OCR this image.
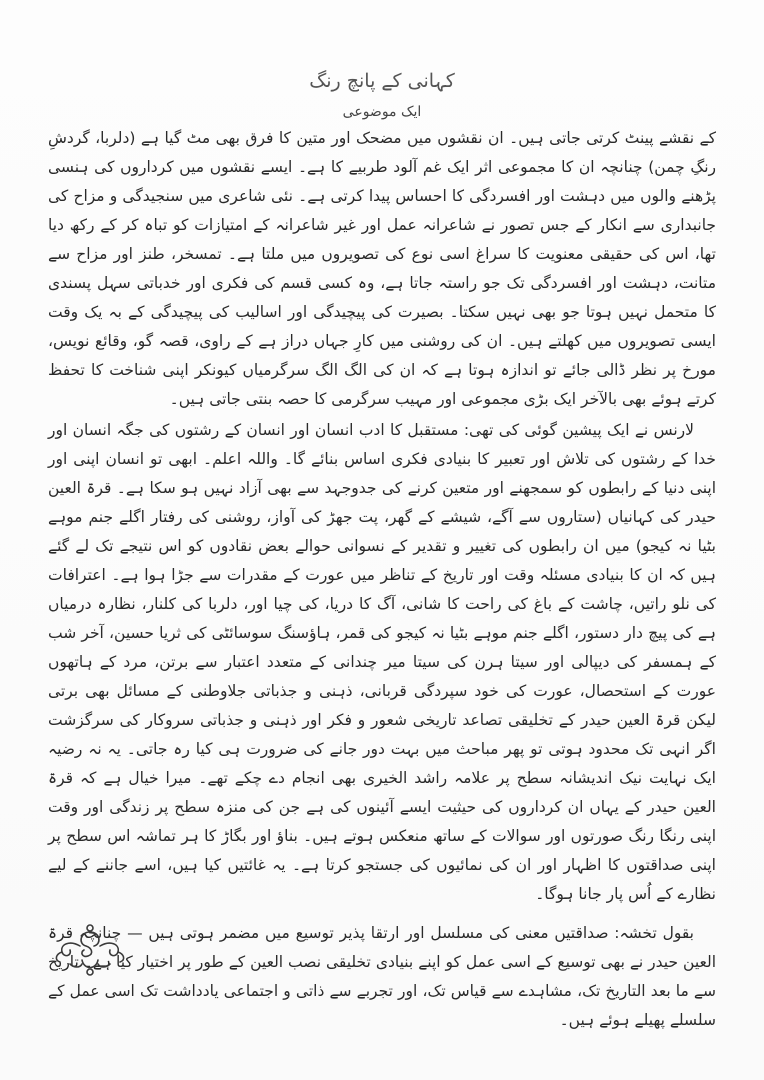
کہانی کے پانچ رنگ
ایک موضوعی

کے نقشے پینٹ کرتی جاتی ہیں۔ ان نقشوں میں مضحک اور متین کا فرق بھی مٹ گیا ہے (دلربا، گردشِ رنگِ چمن) چنانچہ ان کا مجموعی اثر ایک غم آلود طربیے کا ہے۔ ایسے نقشوں میں کرداروں کی ہنسی پڑھنے والوں میں دہشت اور افسردگی کا احساس پیدا کرتی ہے۔ نئی شاعری میں سنجیدگی و مزاح کی جانبداری سے انکار کے جس تصور نے شاعرانہ عمل اور غیر شاعرانہ کے امتیازات کو تباہ کر کے رکھ دیا تھا، اس کی حقیقی معنویت کا سراغ اسی نوع کی تصویروں میں ملتا ہے۔ تمسخر، طنز اور مزاح سے متانت، دہشت اور افسردگی تک جو راستہ جاتا ہے، وہ کسی قسم کی فکری اور خدباتی سہل پسندی کا متحمل نہیں ہوتا جو بھی نہیں سکتا۔ بصیرت کی پیچیدگی اور اسالیب کی پیچیدگی کے بہ یک وقت ایسی تصویروں میں کھلتے ہیں۔ ان کی روشنی میں کارِ جہاں دراز ہے کے راوی، قصہ گو، وقائع نویس، مورخ پر نظر ڈالی جائے تو اندازہ ہوتا ہے کہ ان کی الگ الگ سرگرمیاں کیونکر اپنی شناخت کا تحفظ کرتے ہوئے بھی بالآخر ایک بڑی مجموعی اور مہیب سرگرمی کا حصہ بنتی جاتی ہیں۔

لارنس نے ایک پیشین گوئی کی تھی: مستقبل کا ادب انسان اور انسان کے رشتوں کی جگہ انسان اور خدا کے رشتوں کی تلاش اور تعبیر کا بنیادی فکری اساس بنائے گا۔ واللہ اعلم۔ ابھی تو انسان اپنی اور اپنی دنیا کے رابطوں کو سمجھنے اور متعین کرنے کی جدوجہد سے بھی آزاد نہیں ہو سکا ہے۔ قرۃ العین حیدر کی کہانیاں (ستاروں سے آگے، شیشے کے گھر، پت جھڑ کی آواز، روشنی کی رفتار اگلے جنم موہے بٹیا نہ کیجو) میں ان رابطوں کی تغییر و تقدیر کے نسوانی حوالے بعض نقادوں کو اس نتیجے تک لے گئے ہیں کہ ان کا بنیادی مسئلہ وقت اور تاریخ کے تناظر میں عورت کے مقدرات سے جڑا ہوا ہے۔ اعترافات کی نلو راتیں، چاشت کے باغ کی راحت کا شانی، آگ کا دریا، کی چیا اور، دلربا کی کلنار، نظارہ درمیاں ہے کی پیچ دار دستور، اگلے جنم موہے بٹیا نہ کیجو کی قمر، ہاؤسنگ سوسائٹی کی ثریا حسین، آخر شب کے ہمسفر کی دیپالی اور سیتا ہرن کی سیتا میر چندانی کے متعدد اعتبار سے برتن، مرد کے ہاتھوں عورت کے استحصال، عورت کی خود سپردگی قربانی، ذہنی و جذباتی جلاوطنی کے مسائل بھی برتی لیکن قرۃ العین حیدر کے تخلیقی تصاعد تاریخی شعور و فکر اور ذہنی و جذباتی سروکار کی سرگزشت اگر انہی تک محدود ہوتی تو پھر مباحث میں بہت دور جانے کی ضرورت ہی کیا رہ جاتی۔ یہ نہ رضیہ ایک نہایت نیک اندیشانہ سطح پر علامہ راشد الخیری بھی انجام دے چکے تھے۔ میرا خیال ہے کہ قرۃ العین حیدر کے یہاں ان کرداروں کی حیثیت ایسے آئینوں کی ہے جن کی منزہ سطح پر زندگی اور وقت اپنی رنگا رنگ صورتوں اور سوالات کے ساتھ منعکس ہوتے ہیں۔ بناؤ اور بگاڑ کا ہر تماشہ اس سطح پر اپنی صداقتوں کا اظہار اور ان کی نمائیوں کی جستجو کرتا ہے۔ یہ غائتیں کیا ہیں، اسے جاننے کے لیے نظارے کے اُس پار جانا ہوگا۔

بقول تخشہ: صداقتیں معنی کی مسلسل اور ارتقا پذیر توسیع میں مضمر ہوتی ہیں — چنانچہ قرۃ العین حیدر نے بھی توسیع کے اسی عمل کو اپنے بنیادی تخلیقی نصب العین کے طور پر اختیار کیا ہے۔ تاریخ سے ما بعد التاریخ تک، مشاہدے سے قیاس تک، اور تجربے سے ذاتی و اجتماعی یادداشت تک اسی عمل کے سلسلے پھیلے ہوئے ہیں۔
